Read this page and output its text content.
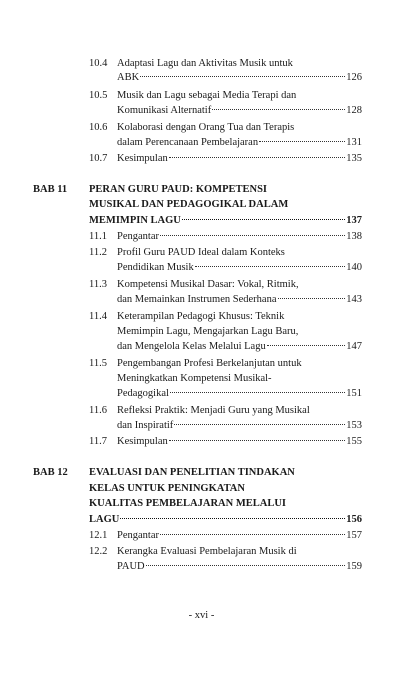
10.4 Adaptasi Lagu dan Aktivitas Musik untuk
ABK	126
10.5 Musik dan Lagu sebagai Media Terapi dan
Komunikasi Alternatif	128
10.6 Kolaborasi dengan Orang Tua dan Terapis
dalam Perencanaan Pembelajaran	131
10.7 Kesimpulan	135
BAB 11 PERAN GURU PAUD: KOMPETENSI
MUSIKAL DAN PEDAGOGIKAL DALAM
MEMIMPIN LAGU	137
11.1 Pengantar	138
11.2 Profil Guru PAUD Ideal dalam Konteks
Pendidikan Musik	140
11.3 Kompetensi Musikal Dasar: Vokal, Ritmik,
dan Memainkan Instrumen Sederhana	143
11.4 Keterampilan Pedagogi Khusus: Teknik
Memimpin Lagu, Mengajarkan Lagu Baru,
dan Mengelola Kelas Melalui Lagu	147
11.5 Pengembangan Profesi Berkelanjutan untuk
Meningkatkan Kompetensi Musikal-
Pedagogikal	151
11.6 Refleksi Praktik: Menjadi Guru yang Musikal
dan Inspiratif	153
11.7 Kesimpulan	155
BAB 12 EVALUASI DAN PENELITIAN TINDAKAN
KELAS UNTUK PENINGKATAN
KUALITAS PEMBELAJARAN MELALUI
LAGU	156
12.1 Pengantar	157
12.2 Kerangka Evaluasi Pembelajaran Musik di
PAUD	159
- xvi -
